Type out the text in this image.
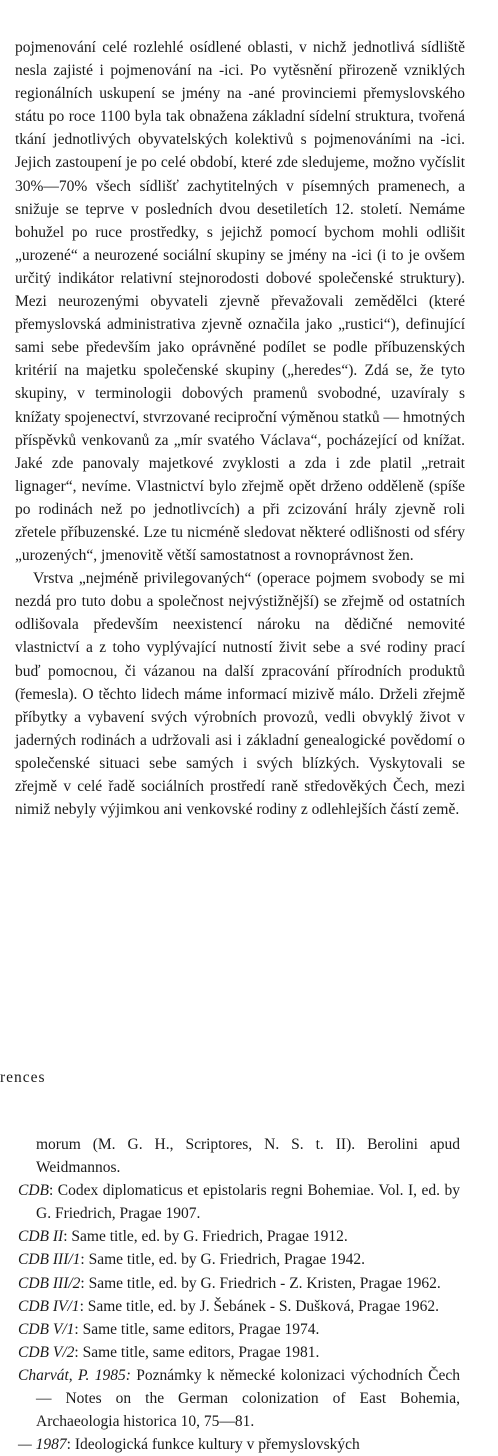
pojmenování celé rozlehlé osídlené oblasti, v nichž jednotlivá sídliště nesla zajisté i pojmenování na -ici. Po vytěsnění přirozeně vzniklých regionálních uskupení se jmény na -ané provinciemi přemyslovského státu po roce 1100 byla tak obnažena základní sídelní struktura, tvořená tkání jednotlivých obyvatelských kolektivů s pojmenováními na -ici. Jejich zastoupení je po celé období, které zde sledujeme, možno vyčíslit 30%—70% všech sídlišť zachytitelných v písemných pramenech, a snižuje se teprve v posledních dvou desetiletích 12. století. Nemáme bohužel po ruce prostředky, s jejichž pomocí bychom mohli odlišit „urozené“ a neurozené sociální skupiny se jmény na -ici (i to je ovšem určitý indikátor relativní stejnorodosti dobové společenské struktury). Mezi neurozenými obyvateli zjevně převažovali zemědělci (které přemyslovská administrativa zjevně označila jako „rustici“), definující sami sebe především jako oprávněné podílet se podle příbuzenských kritérií na majetku společenské skupiny („heredes“). Zdá se, že tyto skupiny, v terminologii dobových pramenů svobodné, uzavíraly s knížaty spojenectví, stvrzované reciproční výměnou statků — hmotných příspěvků venkovanů za „mír svatého Václava“, pocházející od knížat. Jaké zde panovaly majetkové zvyklosti a zda i zde platil „retrait lignager“, nevíme. Vlastnictví bylo zřejmě opět drženo odděleně (spíše po rodinách než po jednotlivcích) a při zcizování hrály zjevně roli zřetele příbuzenské. Lze tu nicméně sledovat některé odlišnosti od sféry „urozených“, jmenovitě větší samostatnost a rovnoprávnost žen.

Vrstva „nejméně privilegovaných“ (operace pojmem svobody se mi nezdá pro tuto dobu a společnost nejvýstižnější) se zřejmě od ostatních odlišovala především neexistencí nároku na dědičné nemovité vlastnictví a z toho vyplývající nutností živit sebe a své rodiny prací buď pomocnou, či vázanou na další zpracování přírodních produktů (řemesla). O těchto lidech máme informací mizivě málo. Drželi zřejmě příbytky a vybavení svých výrobních provozů, vedli obvyklý život v jaderných rodinách a udržovali asi i základní genealogické povědomí o společenské situaci sebe samých i svých blízkých. Vyskytovali se zřejmě v celé řadě sociálních prostředí raně středověkých Čech, mezi nimiž nebyly výjimkou ani venkovské rodiny z odlehlejších částí země.

rences
morum (M. G. H., Scriptores, N. S. t. II). Berolini apud Weidmannos.
CDB: Codex diplomaticus et epistolaris regni Bohemiae. Vol. I, ed. by G. Friedrich, Pragae 1907.
CDB II: Same title, ed. by G. Friedrich, Pragae 1912.
CDB III/1: Same title, ed. by G. Friedrich, Pragae 1942.
CDB III/2: Same title, ed. by G. Friedrich - Z. Kristen, Pragae 1962.
CDB IV/1: Same title, ed. by J. Šebánek - S. Dušková, Pragae 1962.
CDB V/1: Same title, same editors, Pragae 1974.
CDB V/2: Same title, same editors, Pragae 1981.
Charvát, P. 1985: Poznámky k německé kolonizaci východních Čech — Notes on the German colonization of East Bohemia, Archaeologia historica 10, 75—81.
— 1987: Ideologická funkce kultury v přemyslovských
